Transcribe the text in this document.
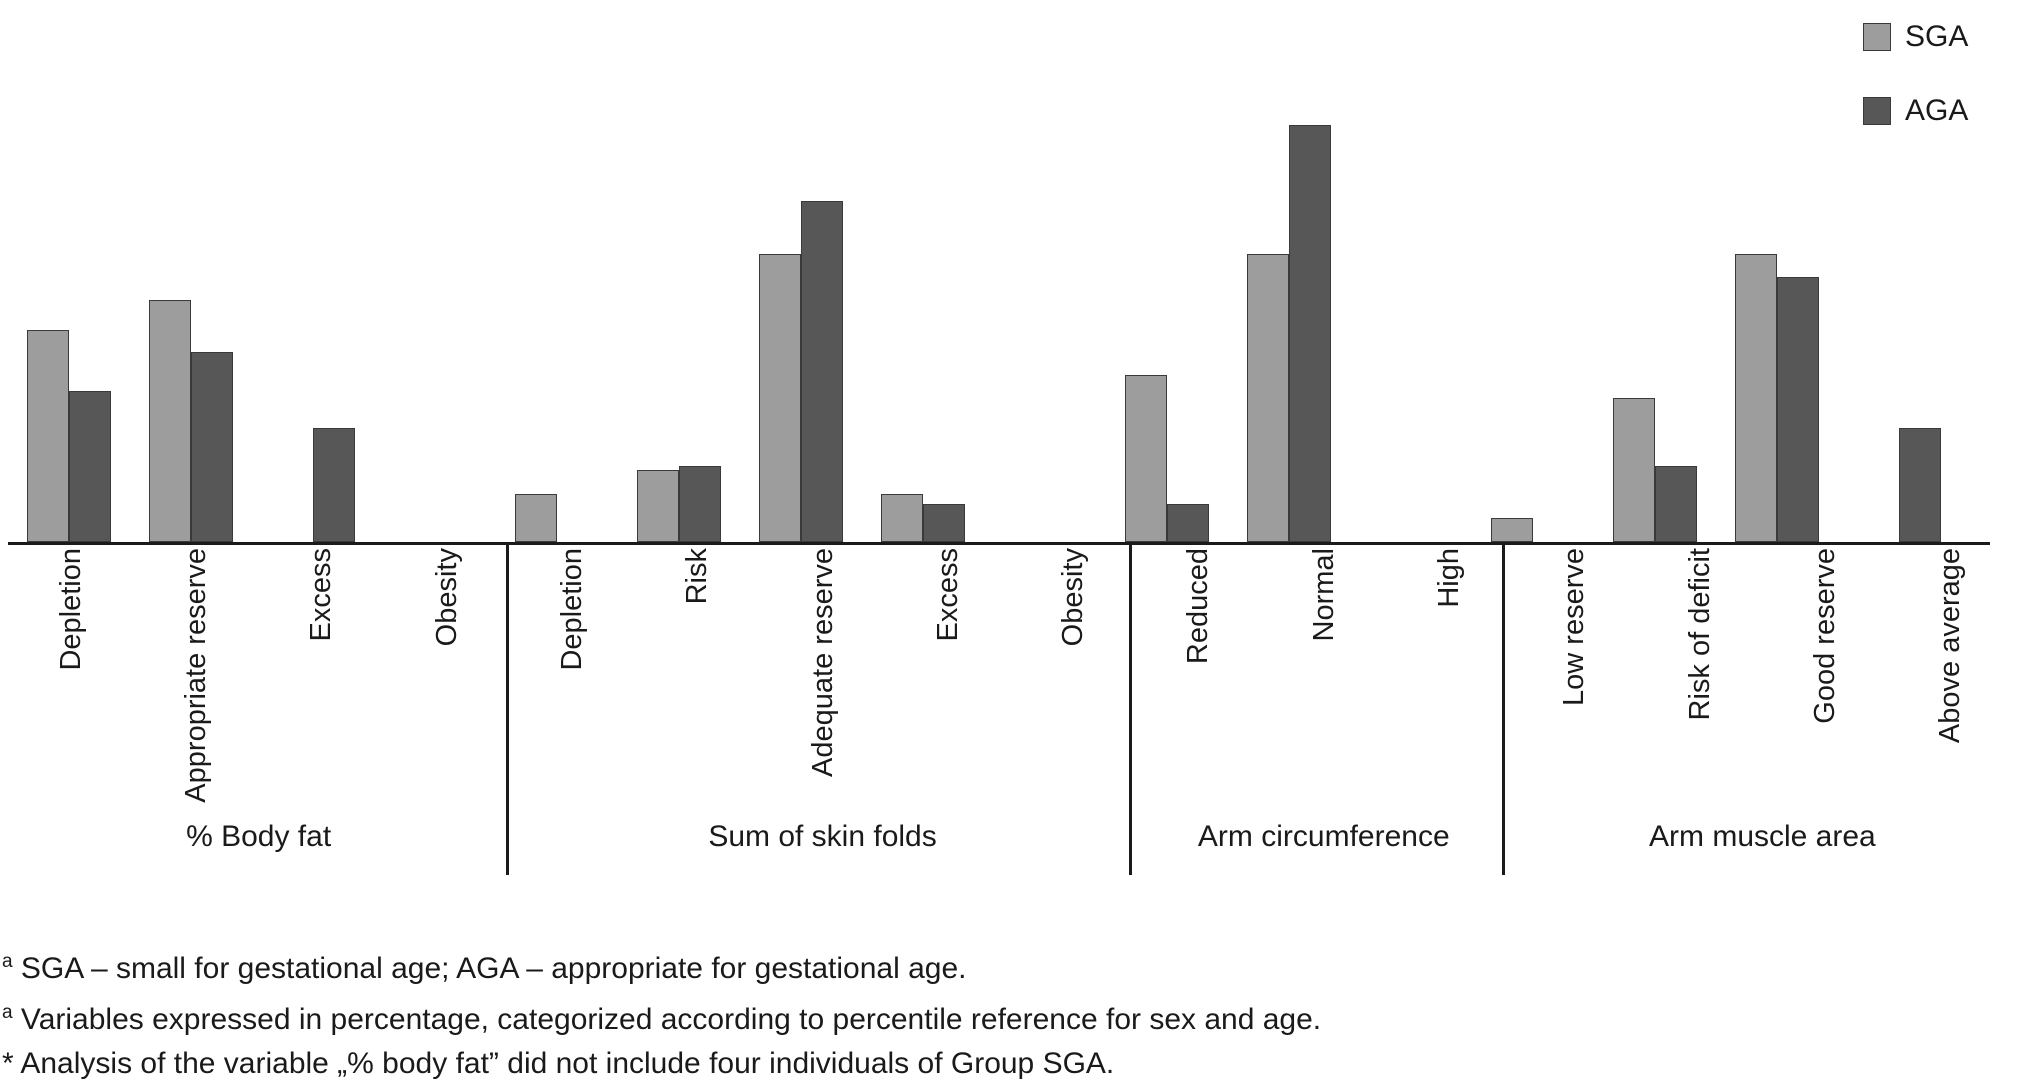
SGA
AGA
Depletion	Appropriate reserve	Excess	Obesity	Depletion	Risk	Adequate reserve	Excess	Obesity	Reduced	Normal	High	Low reserve	Risk of deficit	Good reserve	Above average
% Body fat	Sum of skin folds	Arm circumference	Arm muscle area
$^a$ SGA – small for gestational age; AGA – appropriate for gestational age.
$^a$ Variables expressed in percentage, categorized according to percentile reference for sex and age.
* Analysis of the variable „% body fat” did not include four individuals of Group SGA.
